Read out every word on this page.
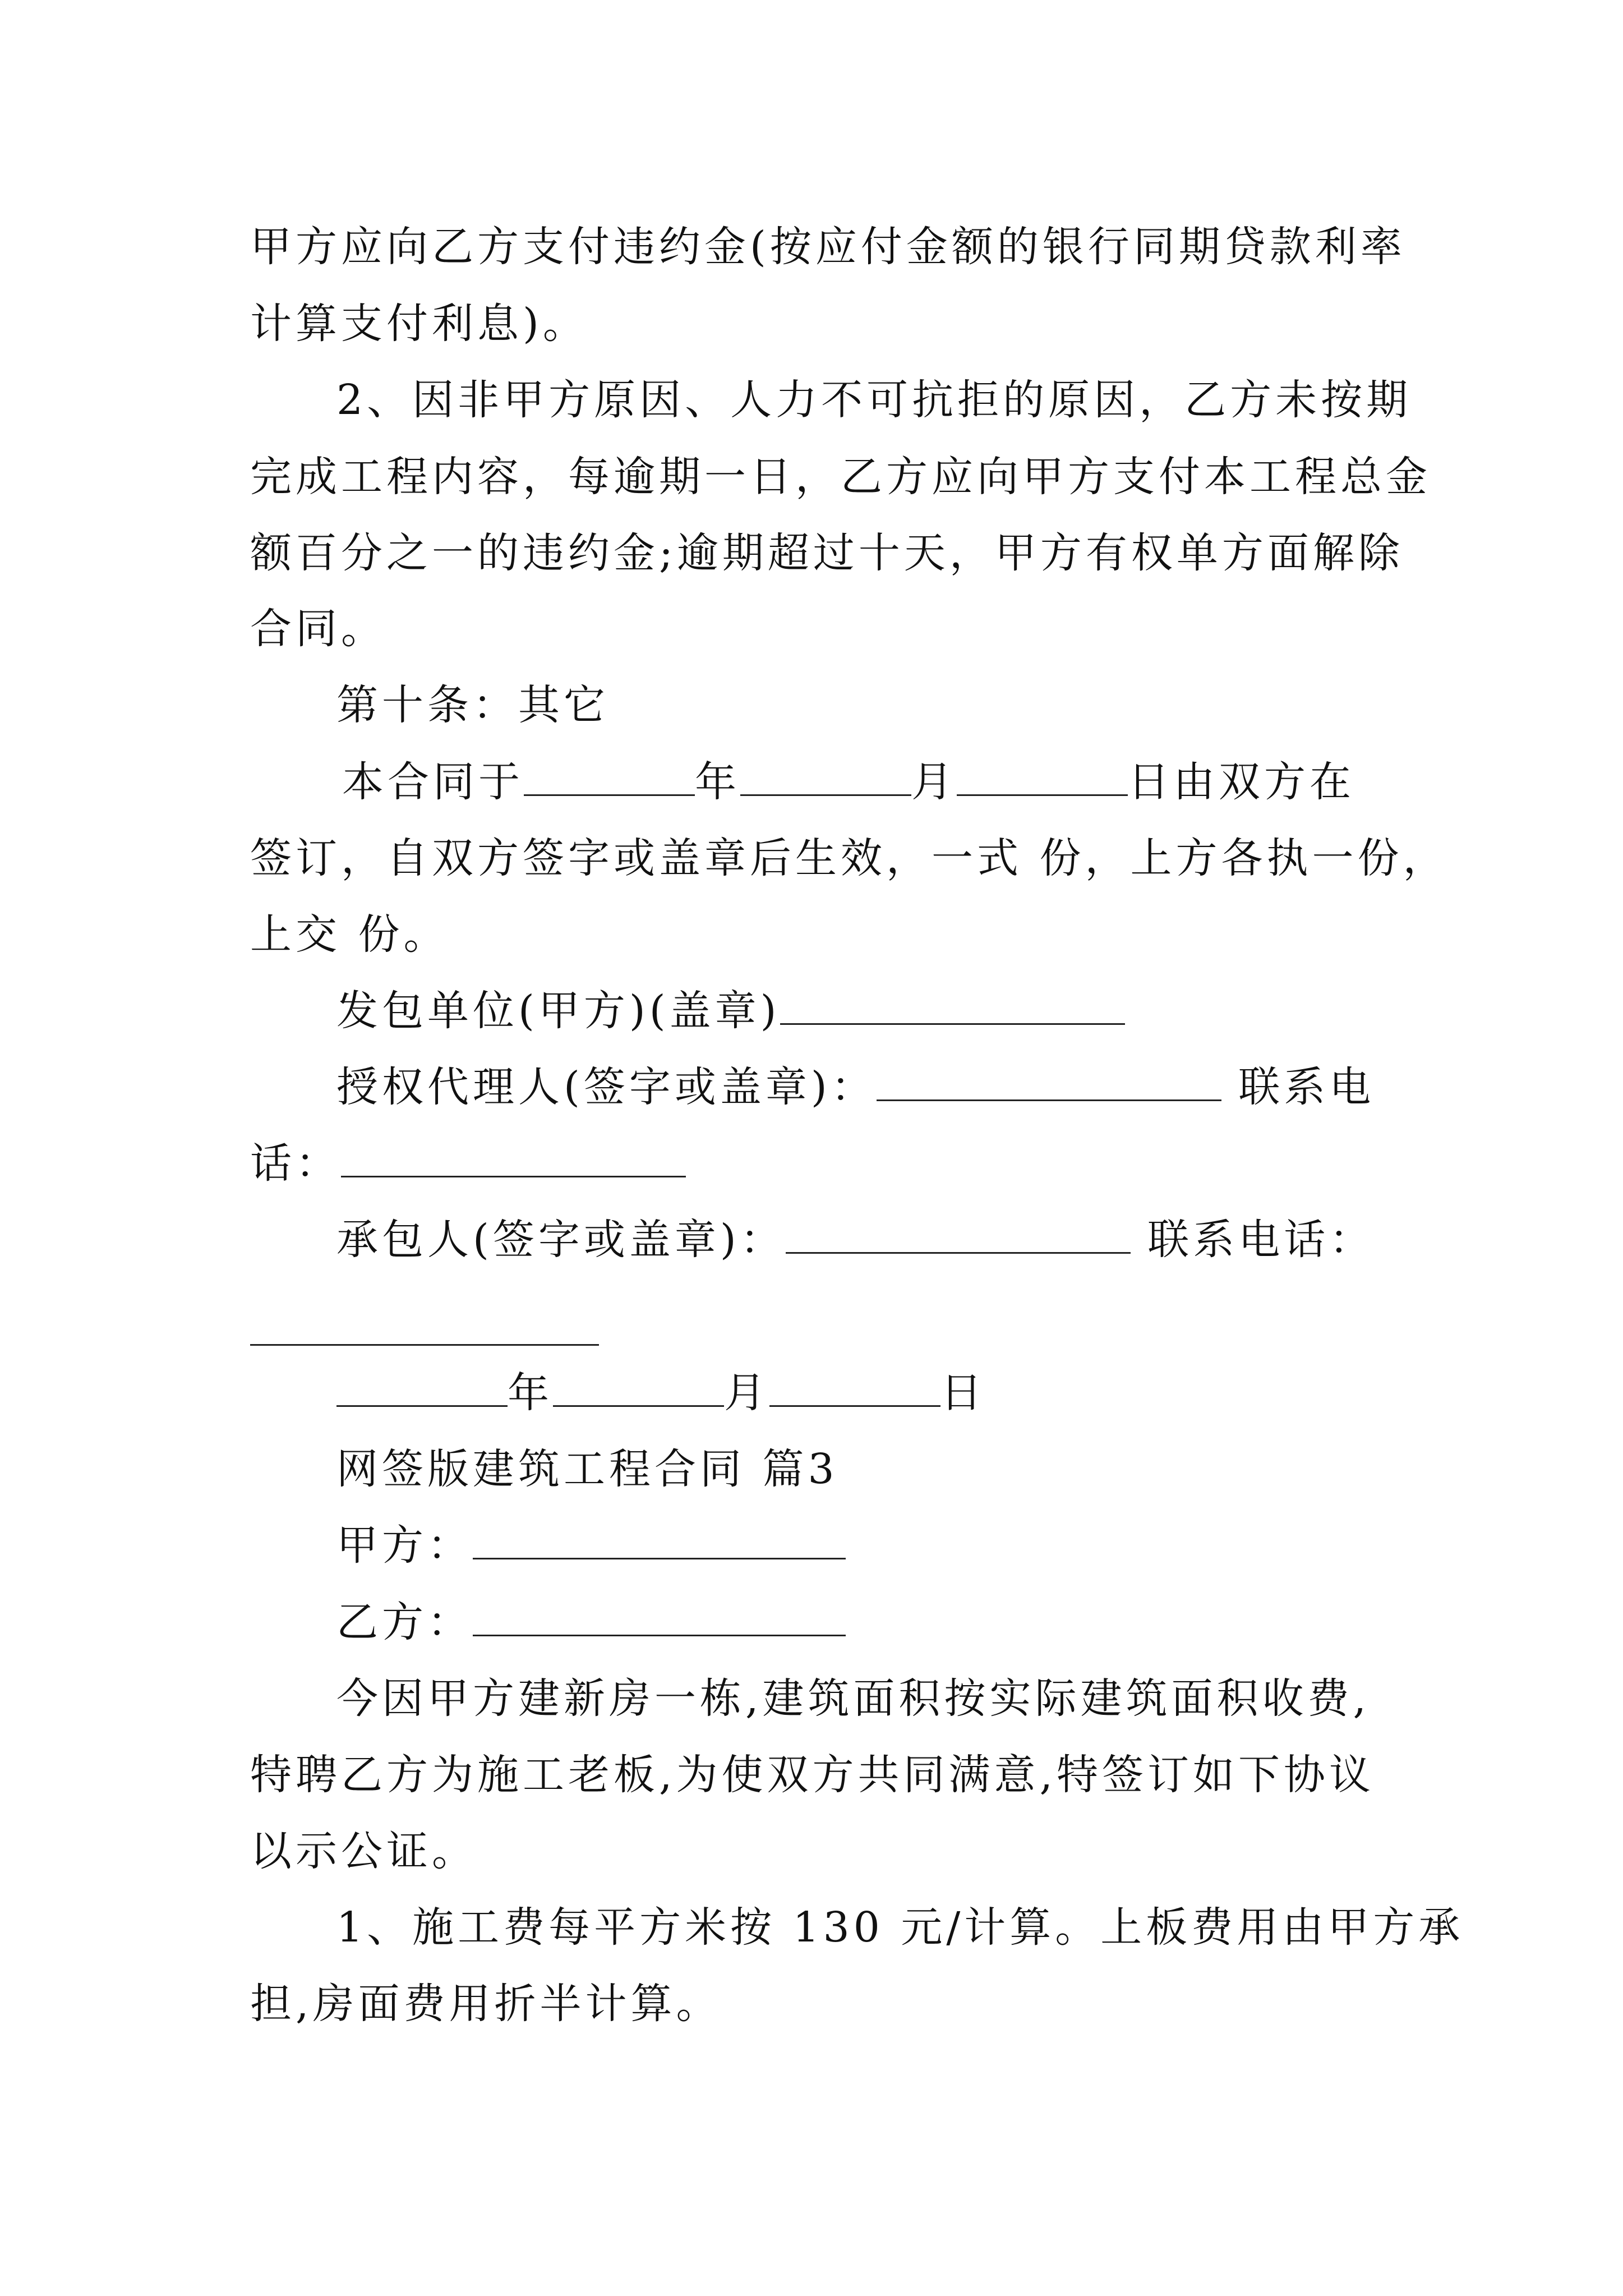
甲方应向乙方支付违约金(按应付金额的银行同期贷款利率
计算支付利息)。
2、因非甲方原因、人力不可抗拒的原因，乙方未按期
完成工程内容，每逾期一日，乙方应向甲方支付本工程总金
额百分之一的违约金;逾期超过十天，甲方有权单方面解除
合同。
第十条：其它
本合同于	年	月	日由双方在
签订，自双方签字或盖章后生效，一式 份，上方各执一份，
上交 份。
发包单位(甲方)(盖章)
授权代理人(签字或盖章)：	联系电
话：
承包人(签字或盖章)：	联系电话：
年	月	日
网签版建筑工程合同 篇3
甲方：
乙方：
今因甲方建新房一栋,建筑面积按实际建筑面积收费,
特聘乙方为施工老板,为使双方共同满意,特签订如下协议
以示公证。
1、施工费每平方米按 130 元/计算。上板费用由甲方承
担,房面费用折半计算。
